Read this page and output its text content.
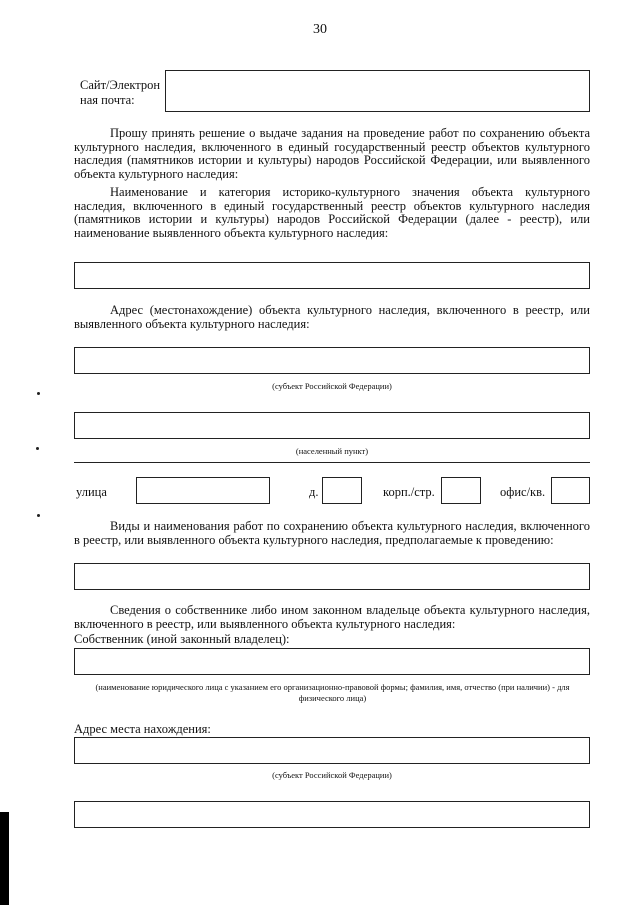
30
Сайт/Электрон
ная почта:

Прошу принять решение о выдаче задания на проведение работ по сохранению объекта культурного наследия, включенного в единый государственный реестр объектов культурного наследия (памятников истории и культуры) народов Российской Федерации, или выявленного объекта культурного наследия:

Наименование и категория историко-культурного значения объекта культурного наследия, включенного в единый государственный реестр объектов культурного наследия (памятников истории и культуры) народов Российской Федерации (далее - реестр), или наименование выявленного объекта культурного наследия:

Адрес (местонахождение) объекта культурного наследия, включенного в реестр, или выявленного объекта культурного наследия:

(субъект Российской Федерации)
(населенный пункт)
улица	д.	корп./стр.	офис/кв.

Виды и наименования работ по сохранению объекта культурного наследия, включенного в реестр, или выявленного объекта культурного наследия, предполагаемые к проведению:

Сведения о собственнике либо ином законном владельце объекта культурного наследия, включенного в реестр, или выявленного объекта культурного наследия:

Собственник (иной законный владелец):
(наименование юридического лица с указанием его организационно-правовой формы; фамилия, имя, отчество (при наличии) - для физического лица)
Адрес места нахождения:
(субъект Российской Федерации)
